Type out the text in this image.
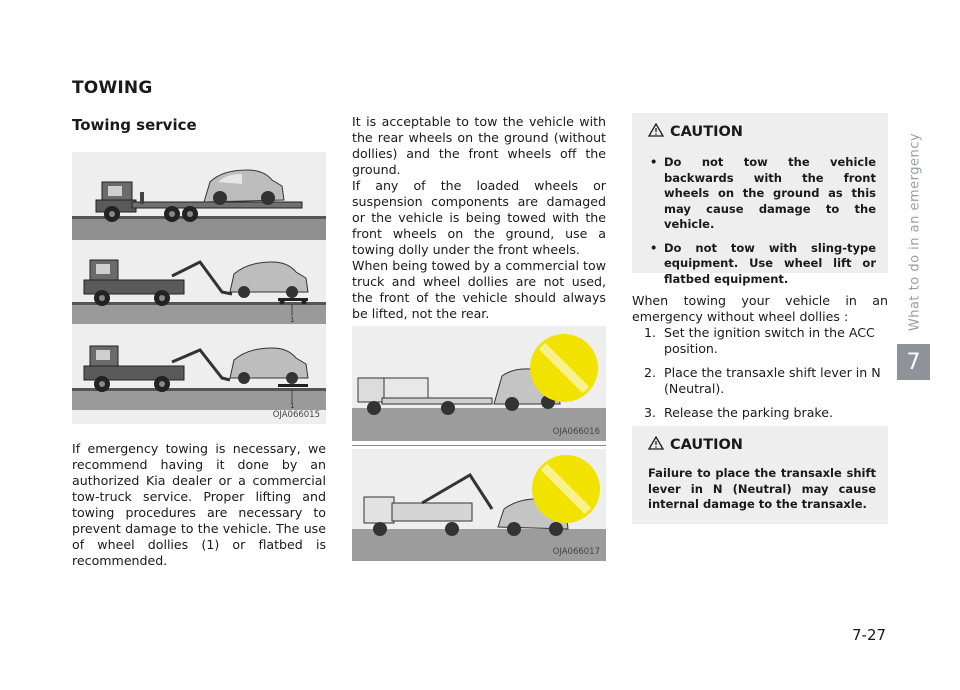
TOWING
Towing service
1
1
OJA066015
If emergency towing is necessary, we recommend having it done by an authorized Kia dealer or a commercial tow-truck service. Proper lifting and towing procedures are necessary to prevent damage to the vehicle. The use of wheel dollies (1) or flatbed is recommended.
It is acceptable to tow the vehicle with the rear wheels on the ground (without dollies) and the front wheels off the ground.
If any of the loaded wheels or suspension components are damaged or the vehicle is being towed with the front wheels on the ground, use a towing dolly under the front wheels.
When being towed by a commercial tow truck and wheel dollies are not used, the front of the vehicle should always be lifted, not the rear.
OJA066016
OJA066017
CAUTION
• Do not tow the vehicle backwards with the front wheels on the ground as this may cause damage to the vehicle.
• Do not tow with sling-type equipment. Use wheel lift or flatbed equipment.
When towing your vehicle in an emergency without wheel dollies :
1. Set the ignition switch in the ACC position.
2. Place the transaxle shift lever in N (Neutral).
3. Release the parking brake.
CAUTION
Failure to place the transaxle shift lever in N (Neutral) may cause internal damage to the transaxle.
What to do in an emergency
7
7-27
